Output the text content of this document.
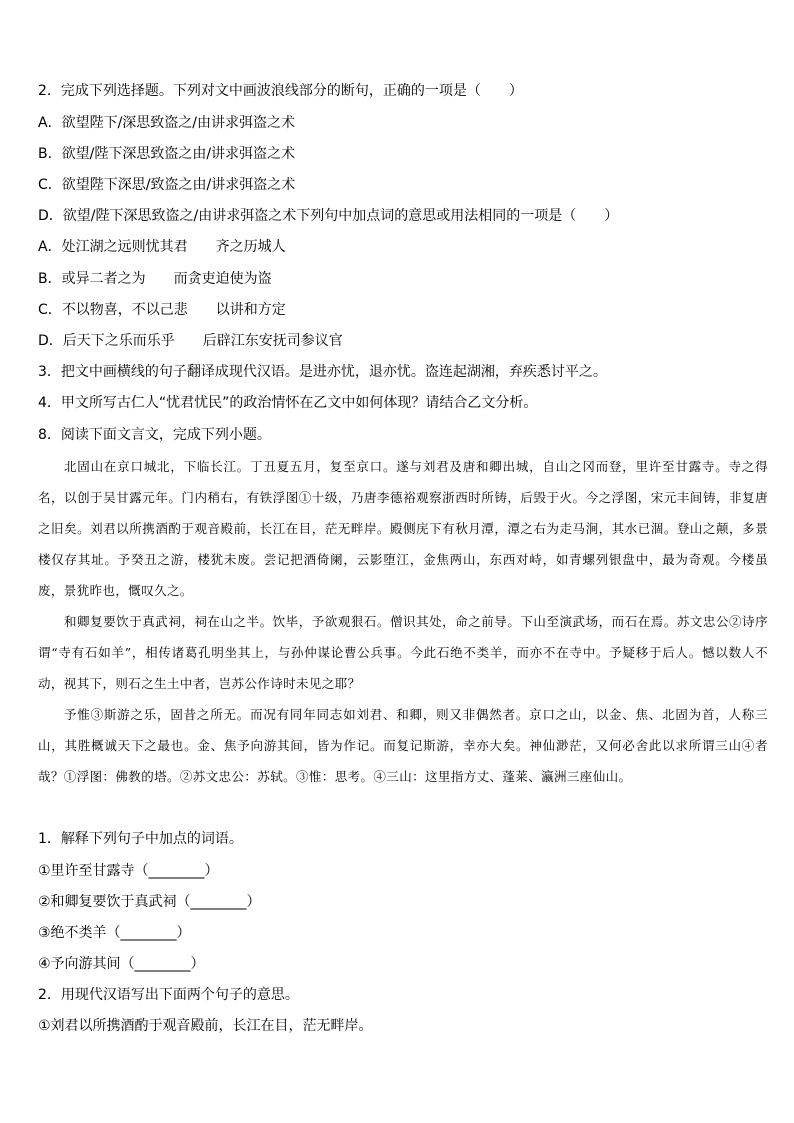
2．完成下列选择题。下列对文中画波浪线部分的断句，正确的一项是（　　）
A．欲望陛下/深思致盗之/由讲求弭盗之术
B．欲望/陛下深思致盗之由/讲求弭盗之术
C．欲望陛下深思/致盗之由/讲求弭盗之术
D．欲望/陛下深思致盗之/由讲求弭盗之术下列句中加点词的意思或用法相同的一项是（　　）
A．处江湖之远则忧其君　　齐之历城人
B．或异二者之为　　而贪吏迫使为盗
C．不以物喜，不以己悲　　以讲和方定
D．后天下之乐而乐乎　　后辟江东安抚司参议官
3．把文中画横线的句子翻译成现代汉语。是进亦忧，退亦忧。盗连起湖湘，弃疾悉讨平之。
4．甲文所写古仁人“忧君忧民”的政治情怀在乙文中如何体现？请结合乙文分析。
8．阅读下面文言文，完成下列小题。

北固山在京口城北，下临长江。丁丑夏五月，复至京口。遂与刘君及唐和卿出城，自山之冈而登，里许至甘露寺。寺之得名，以创于吴甘露元年。门内稍右，有铁浮图①十级，乃唐李德裕观察浙西时所铸，后毁于火。今之浮图，宋元丰间铸，非复唐之旧矣。刘君以所携酒酌于观音殿前，长江在目，茫无畔岸。殿侧庑下有秋月潭，潭之右为走马涧，其水已涸。登山之颠，多景楼仅存其址。予癸丑之游，楼犹未废。尝记把酒倚阑，云影堕江，金焦两山，东西对峙，如青螺列银盘中，最为奇观。今楼虽废，景犹昨也，慨叹久之。

和卿复要饮于真武祠，祠在山之半。饮毕，予欲观狠石。僧识其处，命之前导。下山至演武场，而石在焉。苏文忠公②诗序谓“寺有石如羊”，相传诸葛孔明坐其上，与孙仲谋论曹公兵事。今此石绝不类羊，而亦不在寺中。予疑移于后人。憾以数人不动，视其下，则石之生土中者，岂苏公作诗时未见之耶？

予惟③斯游之乐，固昔之所无。而况有同年同志如刘君、和卿，则又非偶然者。京口之山，以金、焦、北固为首，人称三山，其胜概诚天下之最也。金、焦予向游其间，皆为作记。而复记斯游，幸亦大矣。神仙渺茫，又何必舍此以求所谓三山④者哉？①浮图：佛教的塔。②苏文忠公：苏轼。③惟：思考。④三山：这里指方丈、蓬莱、瀛洲三座仙山。

1．解释下列句子中加点的词语。
①里许至甘露寺（________）
②和卿复要饮于真武祠（________）
③绝不类羊（________）
④予向游其间（________）
2．用现代汉语写出下面两个句子的意思。
①刘君以所携酒酌于观音殿前，长江在目，茫无畔岸。
